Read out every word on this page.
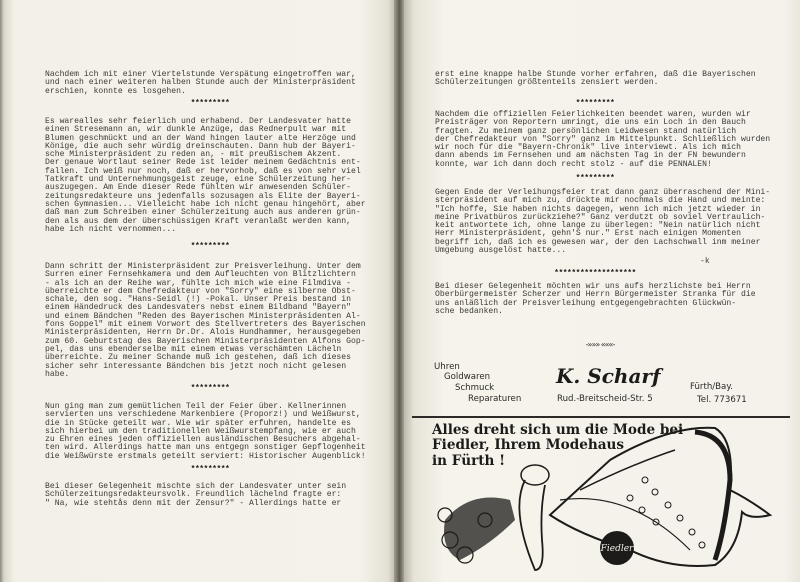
Nachdem ich mit einer Viertelstunde Verspätung eingetroffen war,
und nach einer weiteren halben Stunde auch der Ministerpräsident
erschien, konnte es losgehen.
*********
Es warealles sehr feierlich und erhabend. Der Landesvater hatte
einen Stresemann an, wir dunkle Anzüge, das Rednerpult war mit
Blumen geschmückt und an der Wand hingen lauter alte Herzöge und
Könige, die auch sehr würdig dreinschauten. Dann hub der Bayeri-
sche Ministerpräsident zu reden an, - mit preußischem Akzent.
Der genaue Wortlaut seiner Rede ist leider meinem Gedächtnis ent-
fallen. Ich weiß nur noch, daß er hervorhob, daß es von sehr viel
Tatkraft und Unternehmungsgeist zeuge, eine Schülerzeitung her-
auszugegen. Am Ende dieser Rede fühlten wir anwesenden Schüler-
zeitungsredakteure uns jedenfalls sozusagen als Elite der Bayeri-
schen Gymnasien... Vielleicht habe ich nicht genau hingehört, aber
daß man zum Schreiben einer Schülerzeitung auch aus anderen grün-
den als aus dem der überschüssigen Kraft veranlaßt werden kann,
habe ich nicht vernommen...
*********
Dann schritt der Ministerpräsident zur Preisverleihung. Unter dem
Surren einer Fernsehkamera und dem Aufleuchten von Blitzlichtern
- als ich an der Reihe war, fühlte ich mich wie eine Filmdiva -
überreichte er dem Chefredakteur von "Sorry" eine silberne Obst-
schale, den sog. "Hans-Seidl (!) -Pokal. Unser Preis bestand in
einem Händedruck des Landesvaters nebst einem Bildband "Bayern"
und einem Bändchen "Reden des Bayerischen Ministerpräsidenten Al-
fons Goppel" mit einem Vorwort des Stellvertreters des Bayerischen
Ministerpräsidenten, Herrn Dr.Dr. Alois Hundhammer, herausgegeben
zum 60. Geburtstag des Bayerischen Ministerpräsidenten Alfons Gop-
pel, das uns ebenderselbe mit einem etwas verschämten Lächeln
überreichte. Zu meiner Schande muß ich gestehen, daß ich dieses
sicher sehr interessante Bändchen bis jetzt noch nicht gelesen
habe.
*********
Nun ging man zum gemütlichen Teil der Feier über. Kellnerinnen
servierten uns verschiedene Markenbiere (Proporz!) und Weißwurst,
die in Stücke geteilt war. Wie wir später erfuhren, handelte es
sich hierbei um den traditionellen Weißwurstempfang, wie er auch
zu Ehren eines jeden offiziellen ausländischen Besuchers abgehal-
ten wird. Allerdings hatte man uns entgegn sonstiger Gepflogenheit
die Weißwürste erstmals geteilt serviert: Historischer Augenblick!
*********
Bei dieser Gelegenheit mischte sich der Landesvater unter sein
Schülerzeitungsredakteursvolk. Freundlich lächelnd fragte er:
" Na, wie stehtås denn mit der Zensur?" - Allerdings hatte er
erst eine knappe halbe Stunde vorher erfahren, daß die Bayerischen
Schülerzeitungen größtenteils zensiert werden.
*********
Nachdem die offiziellen Feierlichkeiten beendet waren, wurden wir
Preisträger von Reportern umringt, die uns ein Loch in den Bauch
fragten. Zu meinem ganz persönlichen Leidwesen stand natürlich
der Chefredakteur von "Sorry" ganz im Mittelpunkt. Schließlich wurden
wir noch für die "Bayern-Chronik" live interviewt. Als ich mich
dann abends im Fernsehen und am nächsten Tag in der FN bewundern
konnte, war ich dann doch recht stolz - auf die PENNALEN!
*********
Gegen Ende der Verleihungsfeier trat dann ganz überraschend der Mini-
sterpräsident auf mich zu, drückte mir nochmals die Hand und meinte:
"Ich hoffe, Sie haben nichts dagegen, wenn ich mich jetzt wieder in
meine Privatbüros zurückziehe?" Ganz verdutzt ob soviel Vertraulich-
keit antwortete ich, ohne lange zu überlegen: "Nein natürlich nicht
Herr Ministerpräsident, gehn'S nur." Erst nach einigen Momenten
begriff ich, daß ich es gewesen war, der den Lachschwall inm meiner
Umgebung ausgelöst hatte...
-k
*******************
Bei dieser Gelegenheit möchten wir uns aufs herzlichste bei Herrn
Oberbürgermeister Scherzer und Herrn Bürgermeister Stranka für die
uns anläßlich der Preisverleihung entgegengebrachten Glückwün-
sche bedanken.
-»»» «««-
Uhren
Goldwaren
Schmuck
Reparaturen
K. Scharf
Rud.-Breitscheid-Str. 5
Fürth/Bay.
Tel. 773671
Fiedler
Alles dreht sich um die Mode bei
Fiedler, Ihrem Modehaus
in Fürth !
